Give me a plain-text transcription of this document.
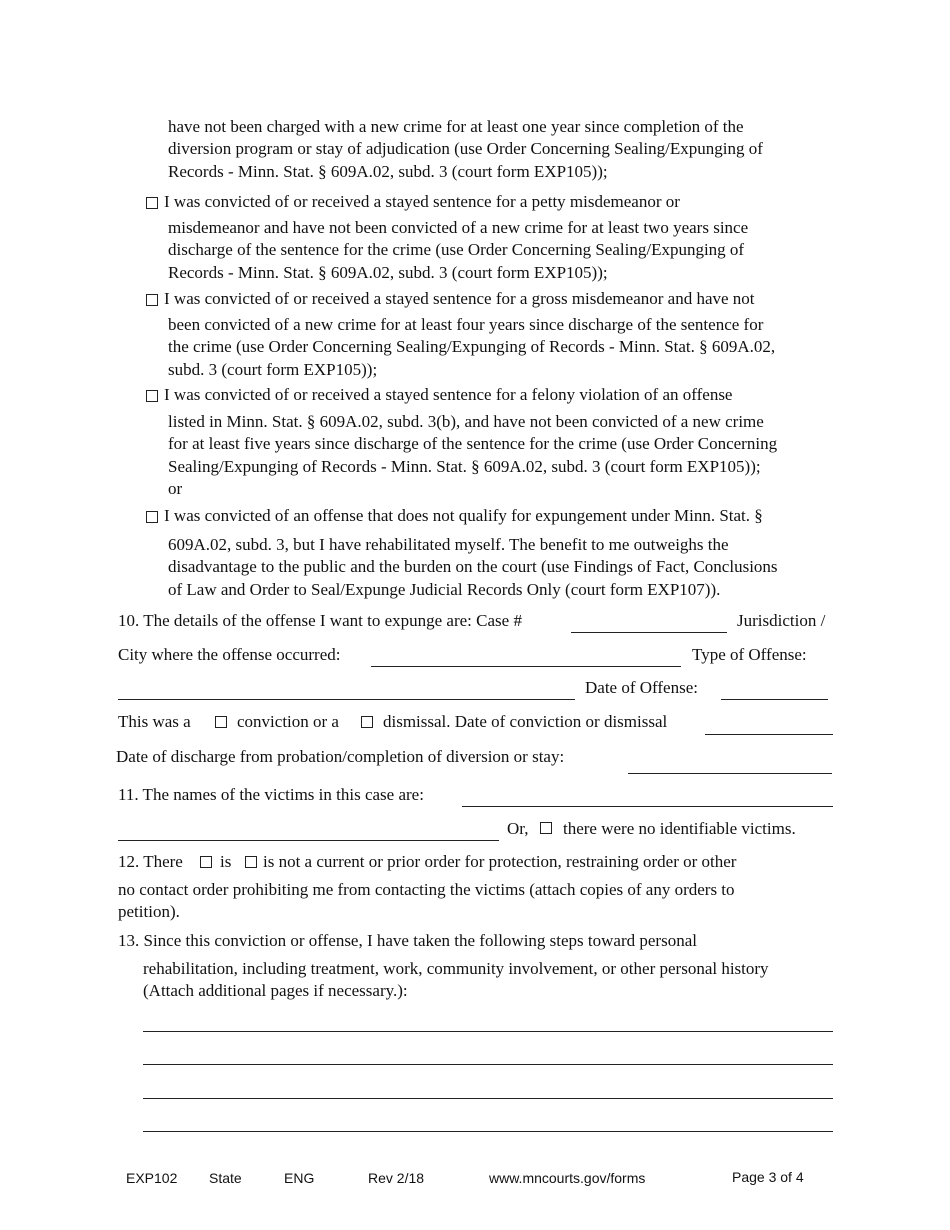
have not been charged with a new crime for at least one year since completion of the
diversion program or stay of adjudication (use Order Concerning Sealing/Expunging of
Records - Minn. Stat. § 609A.02, subd. 3 (court form EXP105));
I was convicted of or received a stayed sentence for a petty misdemeanor or
misdemeanor and have not been convicted of a new crime for at least two years since
discharge of the sentence for the crime (use Order Concerning Sealing/Expunging of
Records - Minn. Stat. § 609A.02, subd. 3 (court form EXP105));
I was convicted of or received a stayed sentence for a gross misdemeanor and have not
been convicted of a new crime for at least four years since discharge of the sentence for
the crime (use Order Concerning Sealing/Expunging of Records - Minn. Stat. § 609A.02,
subd. 3 (court form EXP105));
I was convicted of or received a stayed sentence for a felony violation of an offense
listed in Minn. Stat. § 609A.02, subd. 3(b), and have not been convicted of a new crime
for at least five years since discharge of the sentence for the crime (use Order Concerning
Sealing/Expunging of Records - Minn. Stat. § 609A.02, subd. 3 (court form EXP105));
or
I was convicted of an offense that does not qualify for expungement under Minn. Stat. §
609A.02, subd. 3, but I have rehabilitated myself. The benefit to me outweighs the
disadvantage to the public and the burden on the court (use Findings of Fact, Conclusions
of Law and Order to Seal/Expunge Judicial Records Only (court form EXP107)).
10. The details of the offense I want to expunge are: Case #	Jurisdiction /
City where the offense occurred:	Type of Offense:
Date of Offense:
This was a	conviction or a	dismissal. Date of conviction or dismissal
Date of discharge from probation/completion of diversion or stay:
11. The names of the victims in this case are:
Or, there were no identifiable victims.
12. There is is not a current or prior order for protection, restraining order or other
no contact order prohibiting me from contacting the victims (attach copies of any orders to
petition).
13. Since this conviction or offense, I have taken the following steps toward personal
rehabilitation, including treatment, work, community involvement, or other personal history
(Attach additional pages if necessary.):
EXP102 State	ENG	Rev 2/18	www.mncourts.gov/forms	Page 3 of 4
